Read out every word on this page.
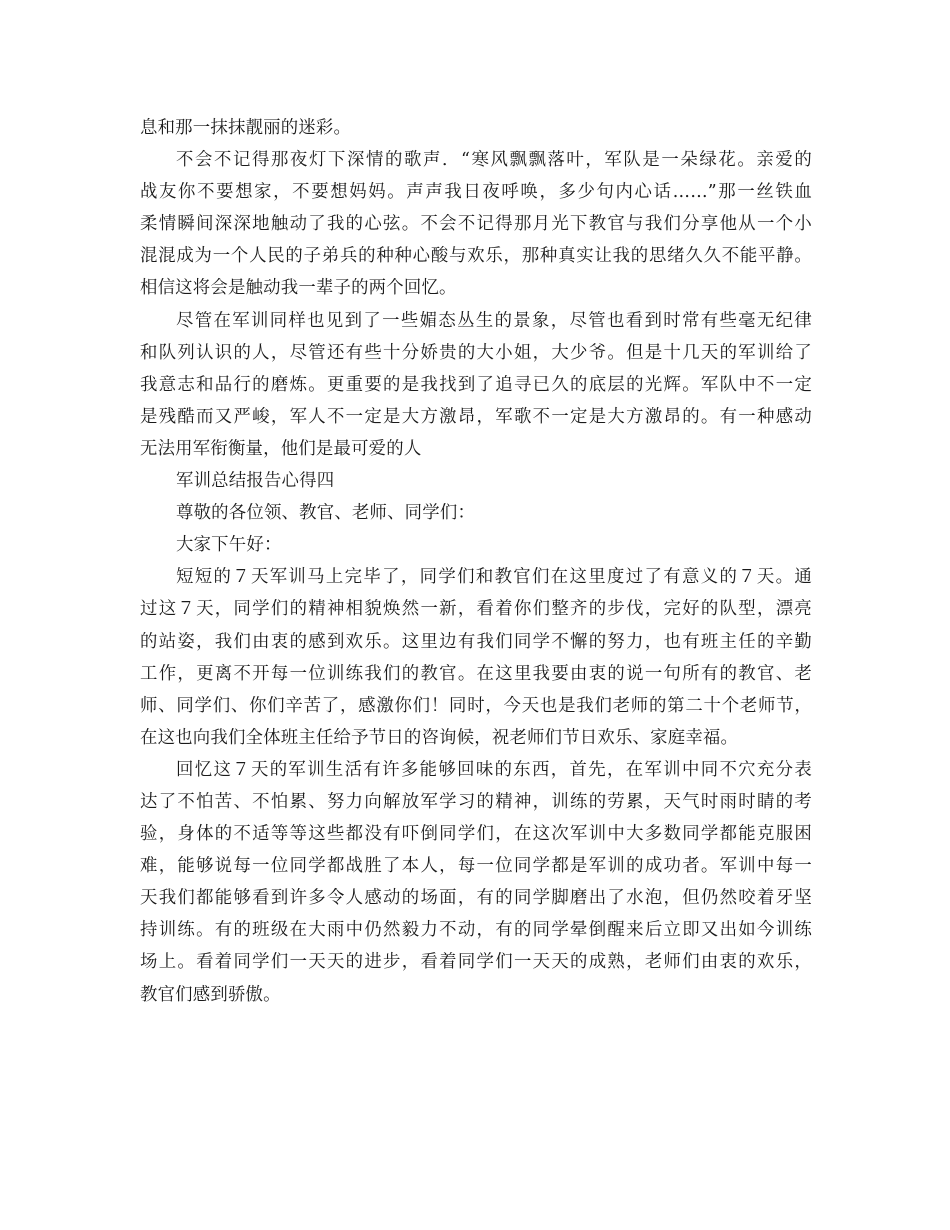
息和那一抹抹靓丽的迷彩。
不会不记得那夜灯下深情的歌声．“寒风飘飘落叶，军队是一朵绿花。亲爱的
战友你不要想家，不要想妈妈。声声我日夜呼唤，多少句内心话……”那一丝铁血
柔情瞬间深深地触动了我的心弦。不会不记得那月光下教官与我们分享他从一个小
混混成为一个人民的子弟兵的种种心酸与欢乐，那种真实让我的思绪久久不能平静。
相信这将会是触动我一辈子的两个回忆。
尽管在军训同样也见到了一些媚态丛生的景象，尽管也看到时常有些毫无纪律
和队列认识的人，尽管还有些十分娇贵的大小姐，大少爷。但是十几天的军训给了
我意志和品行的磨炼。更重要的是我找到了追寻已久的底层的光辉。军队中不一定
是残酷而又严峻，军人不一定是大方激昂，军歌不一定是大方激昂的。有一种感动
无法用军衔衡量，他们是最可爱的人
军训总结报告心得四
尊敬的各位领、教官、老师、同学们：
大家下午好：
短短的７天军训马上完毕了，同学们和教官们在这里度过了有意义的７天。通
过这７天，同学们的精神相貌焕然一新，看着你们整齐的步伐，完好的队型，漂亮
的站姿，我们由衷的感到欢乐。这里边有我们同学不懈的努力，也有班主任的辛勤
工作，更离不开每一位训练我们的教官。在这里我要由衷的说一句所有的教官、老
师、同学们、你们辛苦了，感激你们！同时，今天也是我们老师的第二十个老师节，
在这也向我们全体班主任给予节日的咨询候，祝老师们节日欢乐、家庭幸福。
回忆这７天的军训生活有许多能够回味的东西，首先，在军训中同不穴充分表
达了不怕苦、不怕累、努力向解放军学习的精神，训练的劳累，天气时雨时睛的考
验，身体的不适等等这些都没有吓倒同学们，在这次军训中大多数同学都能克服困
难，能够说每一位同学都战胜了本人，每一位同学都是军训的成功者。军训中每一
天我们都能够看到许多令人感动的场面，有的同学脚磨出了水泡，但仍然咬着牙坚
持训练。有的班级在大雨中仍然毅力不动，有的同学晕倒醒来后立即又出如今训练
场上。看着同学们一天天的进步，看着同学们一天天的成熟，老师们由衷的欢乐，
教官们感到骄傲。
